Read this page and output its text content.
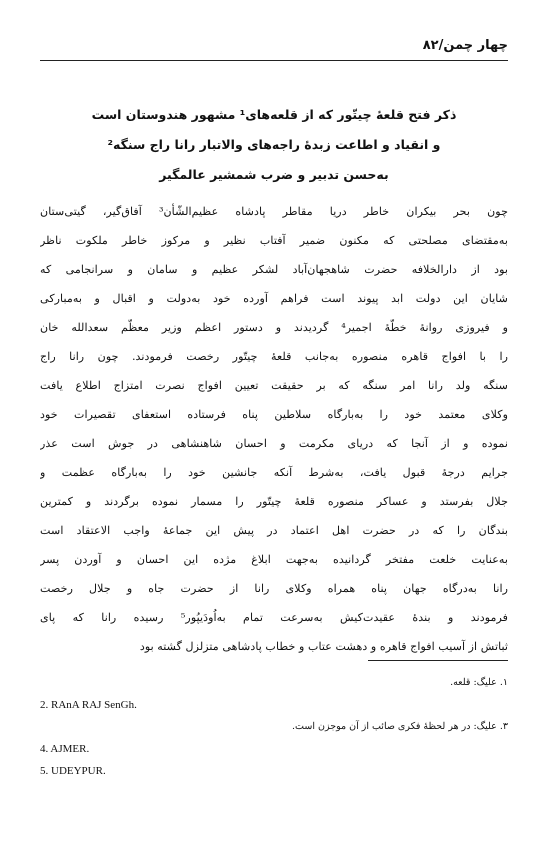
چهار چمن/۸۲
ذکر فتح قلعهٔ چیتّور که از قلعه‌های¹ مشهور هندوستان است
و انقیاد و اطاعت زبدهٔ راجه‌های والاتبار رانا راج سنگه²
به‌حسن تدبیر و ضرب شمشیر عالمگیر
چون بحر بیکران خاطر دریا مقاطر پادشاه عظیم‌الشّأن³ آفاق‌گیر، گیتی‌ستان
به‌مقتضای مصلحتی که مکنون ضمیر آفتاب نظیر و مرکوز خاطر ملکوت ناظر
بود از دارالخلافه حضرت شاهجهان‌آباد لشکر عظیم و سامان و سرانجامی که
شایان این دولت ابد پیوند است فراهم آورده خود به‌دولت و اقبال و به‌مبارکی
و فیروزی روانهٔ خطّهٔ اجمیر⁴ گردیدند و دستور اعظم وزیر معظّم سعدالله خان
را با افواج قاهره منصوره به‌جانب قلعهٔ چیتّور رخصت فرمودند. چون رانا راج
سنگه ولد رانا امر سنگه که بر حقیقت تعیین افواج نصرت امتزاج اطلاع یافت
وکلای معتمد خود را به‌بارگاه سلاطین پناه فرستاده استعفای تقصیرات خود
نموده و از آنجا که دریای مکرمت و احسان شاهنشاهی در جوش است عذر
جرایم درجهٔ قبول یافت، به‌شرط آنکه جانشین خود را به‌بارگاه عظمت و
جلال بفرستد و عساکر منصوره قلعهٔ چیتّور را مسمار نموده برگردند و کمترین
بندگان را که در حضرت اهل اعتماد در پیش این جماعهٔ واجب الاعتقاد است
به‌عنایت خلعت مفتخر گردانیده به‌جهت ابلاغ مژده این احسان و آوردن پسر
رانا به‌درگاه جهان پناه همراه وکلای رانا از حضرت جاه و جلال رخصت
فرمودند و بندهٔ عقیدت‌کیش به‌سرعت تمام به‌اُودَیپُور⁵ رسیده رانا که پای
ثباتش از آسیب افواج قاهره و دهشت عتاب و خطاب پادشاهی متزلزل گشته بود
١. علیگ: قلعه.
2. RAnA RAJ SenGh.
٣. علیگ: در هر لحظهٔ فکری صائب از آن موجزن است.
4. AJMER.
5. UDEYPUR.
